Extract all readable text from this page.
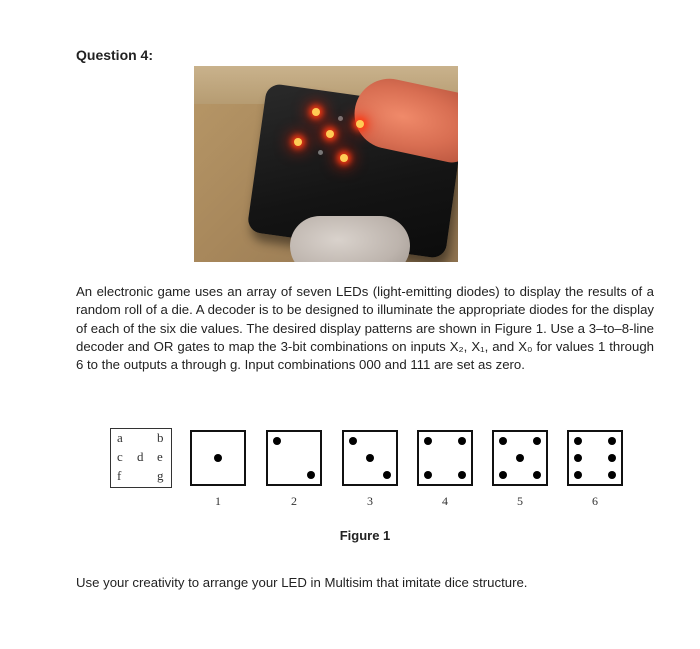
Question 4:

An electronic game uses an array of seven LEDs (light-emitting diodes) to display the results of a random roll of a die. A decoder is to be designed to illuminate the appropriate diodes for the display of each of the six die values. The desired display patterns are shown in Figure 1. Use a 3–to–8-line decoder and OR gates to map the 3-bit combinations on inputs X₂, X₁, and X₀ for values 1 through 6 to the outputs a through g. Input combinations 000 and 111 are set as zero.

a	b
c d e
f	g
1	2	3	4	5	6
Figure 1
Use your creativity to arrange your LED in Multisim that imitate dice structure.
